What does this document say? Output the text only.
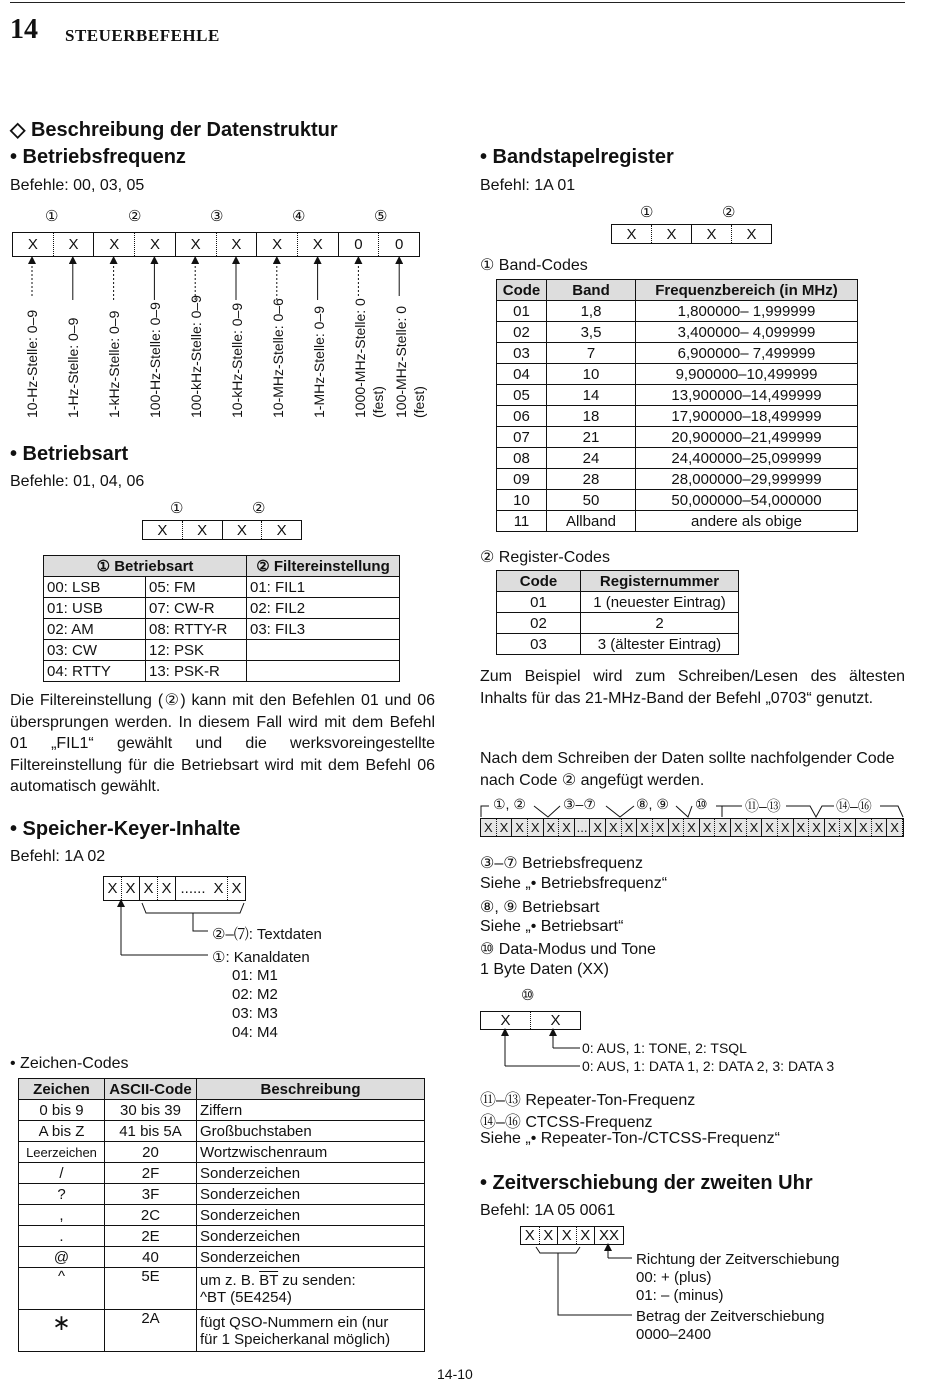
14 STEUERBEFEHLE
◇ Beschreibung der Datenstruktur
• Betriebsfrequenz
Befehle: 00, 03, 05
①	②	③	④	⑤
X	X	X	X	X	X	X	X	0	0
10-Hz-Stelle: 0–9 1-Hz-Stelle: 0–9 1-kHz-Stelle: 0–9 100-Hz-Stelle: 0–9 100-kHz-Stelle: 0–9 10-kHz-Stelle: 0–9 10-MHz-Stelle: 0–6 1-MHz-Stelle: 0–9 1000-MHz-Stelle: 0 (fest) 100-MHz-Stelle: 0 (fest)
• Betriebsart
Befehle: 01, 04, 06
①	②
X	X	X	X
① Betriebsart		② Filtereinstellung
00: LSB	05: FM	01: FIL1
01: USB	07: CW-R	02: FIL2
02: AM	08: RTTY-R	03: FIL3
03: CW	12: PSK	
04: RTTY	13: PSK-R	
Die Filtereinstellung (②) kann mit den Befehlen 01 und 06 übersprungen werden. In diesem Fall wird mit dem Befehl 01 „FIL1“ gewählt und die werksvoreingestellte Filtereinstellung für die Betriebsart wird mit dem Befehl 06 automatisch gewählt.
• Speicher-Keyer-Inhalte
Befehl: 1A 02
X X X X ...... X X
②–⑺: Textdaten
①: Kanaldaten
01: M1
02: M2
03: M3
04: M4
• Zeichen-Codes
Zeichen	ASCII-Code	Beschreibung
0 bis 9	30 bis 39	Ziffern
A bis Z	41 bis 5A	Großbuchstaben
Leerzeichen	20	Wortzwischenraum
/	2F	Sonderzeichen
?	3F	Sonderzeichen
,	2C	Sonderzeichen
.	2E	Sonderzeichen
@	40	Sonderzeichen
^	5E	um z. B. $\overline{BT}$ zu senden:
^BT (5E4254)
∗	2A	fügt QSO-Nummern ein (nur
für 1 Speicherkanal möglich)
• Bandstapelregister
Befehl: 1A 01
①	②
X	X	X	X
① Band-Codes
Code	Band	Frequenzbereich (in MHz)
01	1,8	1,800000– 1,999999
02	3,5	3,400000– 4,099999
03	7	6,900000– 7,499999
04	10	9,900000–10,499999
05	14	13,900000–14,499999
06	18	17,900000–18,499999
07	21	20,900000–21,499999
08	24	24,400000–25,099999
09	28	28,000000–29,999999
10	50	50,000000–54,000000
11	Allband	andere als obige
② Register-Codes
Code	Registernummer
01	1 (neuester Eintrag)
02	2
03	3 (ältester Eintrag)
Zum Beispiel wird zum Schreiben/Lesen des ältesten Inhalts für das 21-MHz-Band der Befehl „0703“ genutzt.
Nach dem Schreiben der Daten sollte nachfolgender Code nach Code ② angefügt werden.
①, ②	③–⑦	⑧, ⑨ ⑩	⑪–⑬	⑭–⑯
X X X X X X ... X X X X X X X X X X X X X X X X X X X X
③–⑦ Betriebsfrequenz
Siehe „• Betriebsfrequenz“
⑧, ⑨ Betriebsart
Siehe „• Betriebsart“
⑩ Data-Modus und Tone
1 Byte Daten (XX)
⑩
X	X
0: AUS, 1: TONE, 2: TSQL
0: AUS, 1: DATA 1, 2: DATA 2, 3: DATA 3
⑪–⑬ Repeater-Ton-Frequenz
⑭–⑯ CTCSS-Frequenz
Siehe „• Repeater-Ton-/CTCSS-Frequenz“
• Zeitverschiebung der zweiten Uhr
Befehl: 1A 05 0061
X X X X XX
Richtung der Zeitverschiebung
00: + (plus)
01: – (minus)
Betrag der Zeitverschiebung
0000–2400
14-10
